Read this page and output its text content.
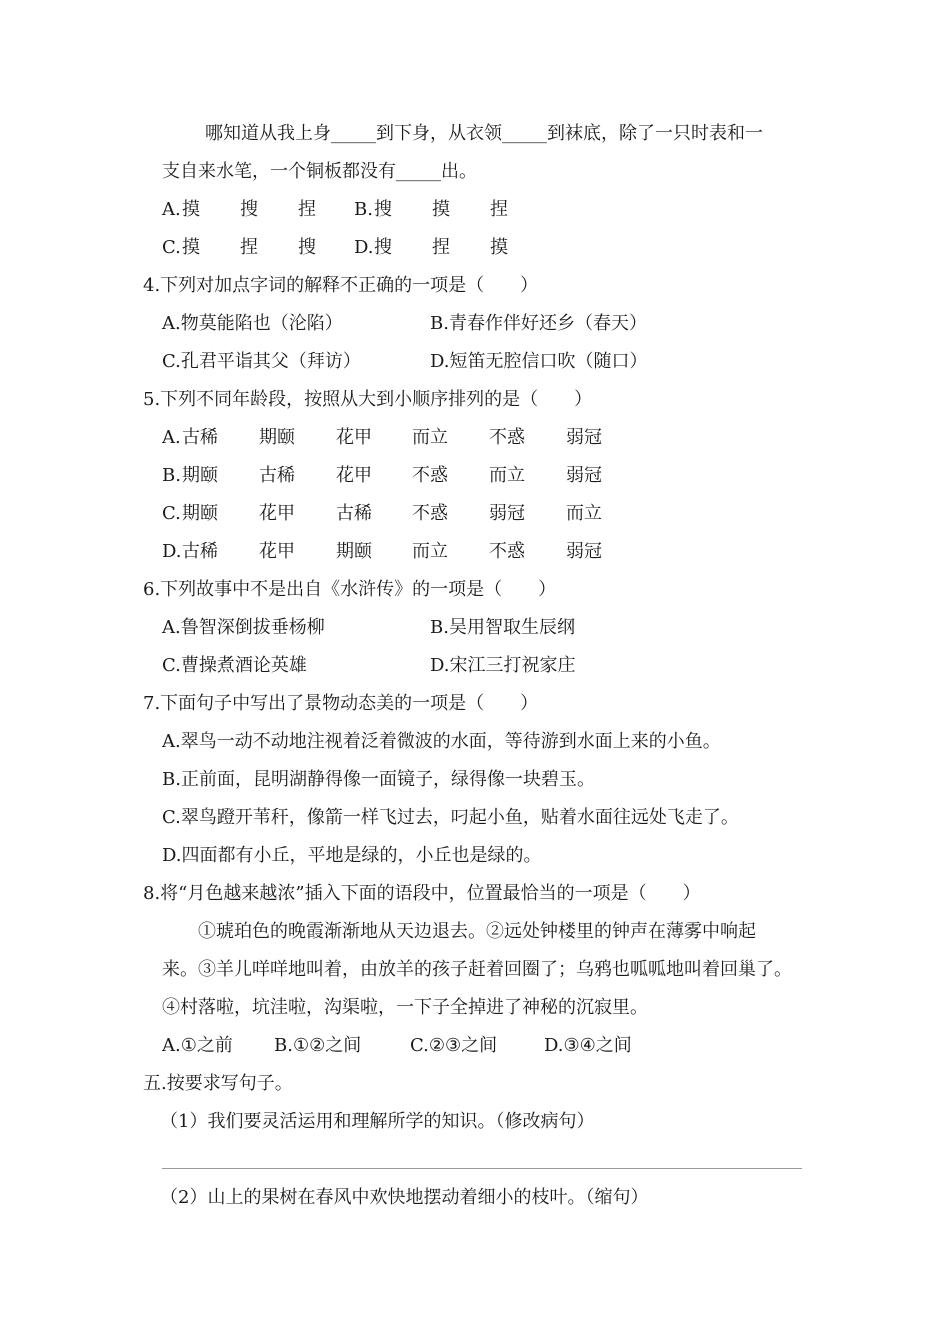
哪知道从我上身_____到下身，从衣领_____到袜底，除了一只时表和一
支自来水笔，一个铜板都没有_____出。
A. 摸 搜 捏 B. 搜 摸 捏
C. 摸 捏 搜 D. 搜 捏 摸
4.下列对加点字词的解释不正确的一项是（　　）
A.物莫能陷也（沦陷）	B.青春作伴好还乡（春天）
C.孔君平诣其父（拜访）	D.短笛无腔信口吹（随口）
5.下列不同年龄段，按照从大到小顺序排列的是（　　）
A. 古稀 期颐 花甲 而立 不惑 弱冠
B. 期颐 古稀 花甲 不惑 而立 弱冠
C. 期颐 花甲 古稀 不惑 弱冠 而立
D. 古稀 花甲 期颐 而立 不惑 弱冠
6.下列故事中不是出自《水浒传》的一项是（　　）
A.鲁智深倒拔垂杨柳	B.吴用智取生辰纲
C.曹操煮酒论英雄	D.宋江三打祝家庄
7.下面句子中写出了景物动态美的一项是（　　）
A.翠鸟一动不动地注视着泛着微波的水面，等待游到水面上来的小鱼。
B.正前面，昆明湖静得像一面镜子，绿得像一块碧玉。
C.翠鸟蹬开苇秆，像箭一样飞过去，叼起小鱼，贴着水面往远处飞走了。
D.四面都有小丘，平地是绿的，小丘也是绿的。
8.将“月色越来越浓”插入下面的语段中，位置最恰当的一项是（　　）
①琥珀色的晚霞渐渐地从天边退去。②远处钟楼里的钟声在薄雾中响起
来。③羊儿咩咩地叫着，由放羊的孩子赶着回圈了；乌鸦也呱呱地叫着回巢了。
④村落啦，坑洼啦，沟渠啦，一下子全掉进了神秘的沉寂里。
A.①之前 B.①②之间	C.②③之间	D.③④之间
五.按要求写句子。
（1）我们要灵活运用和理解所学的知识。（修改病句）
（2）山上的果树在春风中欢快地摆动着细小的枝叶。（缩句）
